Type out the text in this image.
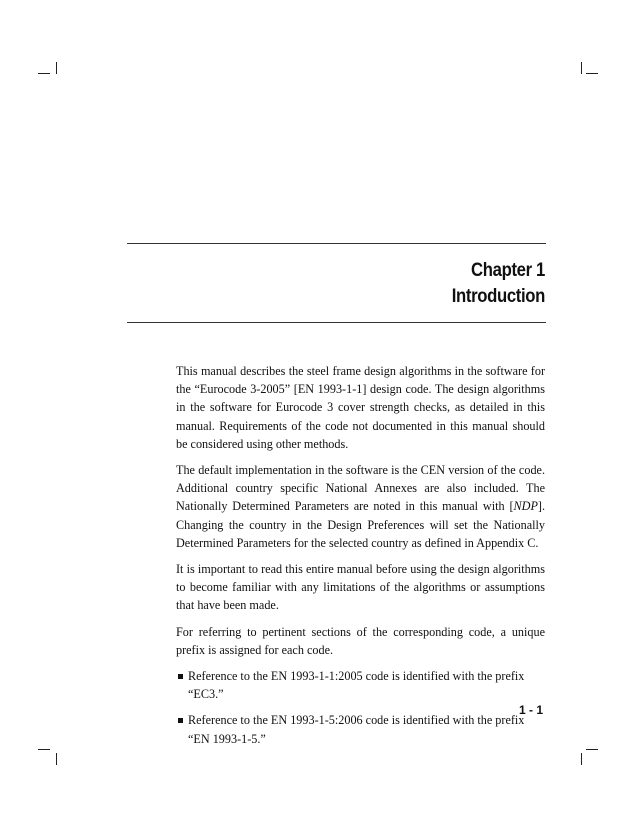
Chapter 1
Introduction

This manual describes the steel frame design algorithms in the software for the “Eurocode 3-2005” [EN 1993-1-1] design code. The design algorithms in the software for Eurocode 3 cover strength checks, as detailed in this manual. Requirements of the code not documented in this manual should be considered using other methods.

The default implementation in the software is the CEN version of the code. Additional country specific National Annexes are also included. The Nationally Determined Parameters are noted in this manual with [NDP]. Changing the country in the Design Preferences will set the Nationally Determined Parameters for the selected country as defined in Appendix C.

It is important to read this entire manual before using the design algorithms to become familiar with any limitations of the algorithms or assumptions that have been made.

For referring to pertinent sections of the corresponding code, a unique prefix is assigned for each code.

Reference to the EN 1993-1-1:2005 code is identified with the prefix “EC3.”
Reference to the EN 1993-1-5:2006 code is identified with the prefix “EN 1993-1-5.”
1 - 1
